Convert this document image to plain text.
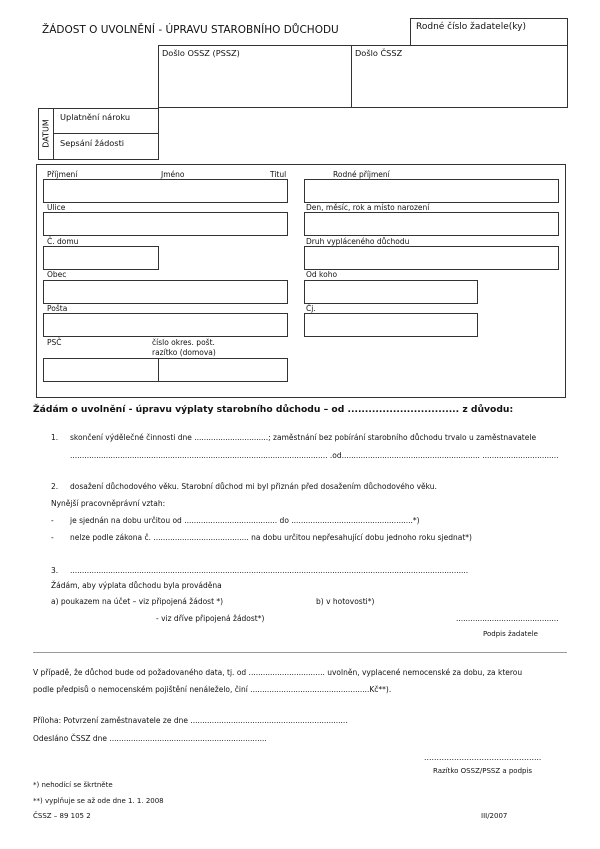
ŽÁDOST O UVOLNĚNÍ - ÚPRAVU STAROBNÍHO DŮCHODU	Rodné číslo žadatele(ky)
Došlo OSSZ (PSSZ)	Došlo ČSSZ
DATUM
Uplatnění nároku
Sepsání žádosti
Příjmení	Jméno	Titul	Rodné příjmení
Ulice	Den, měsíc, rok a místo narození
Č. domu	Druh vypláceného důchodu
Obec	Od koho
Pošta	Čj.
PSČ	číslo okres. pošt.
razítko (domova)
Žádám o uvolnění - úpravu výplaty starobního důchodu – od ................................ z důvodu:
1. skončení výdělečné činnosti dne ...............................; zaměstnání bez pobírání starobního důchodu trvalo u zaměstnavatele
............................................................................................................ .od.......................................................... ................................
2. dosažení důchodového věku. Starobní důchod mi byl přiznán před dosažením důchodového věku.
Nynější pracovněprávní vztah:
- je sjednán na dobu určitou od ....................................... do ...................................................*)
- nelze podle zákona č. ........................................ na dobu určitou nepřesahující dobu jednoho roku sjednat*)
3. .......................................................................................................................................................................
Žádám, aby výplata důchodu byla prováděna
a) poukazem na účet – viz připojená žádost *)	b) v hotovosti*)
- viz dříve připojená žádost*)	...........................................
Podpis žadatele
V případě, že důchod bude od požadovaného data, tj. od ................................ uvolněn, vyplacené nemocenské za dobu, za kterou
podle předpisů o nemocenském pojištění nenáleželo, činí ..................................................Kč**).
Příloha: Potvrzení zaměstnavatele ze dne ..................................................................
Odesláno ČSSZ dne ..................................................................
………………………………………..
Razítko OSSZ/PSSZ a podpis
*) nehodící se škrtněte
**) vyplňuje se až ode dne 1. 1. 2008
ČSSZ – 89 105 2	III/2007
